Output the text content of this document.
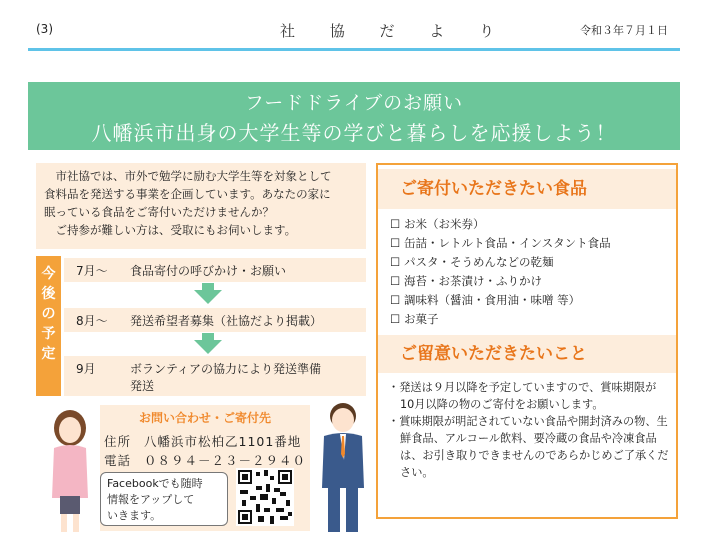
(3)	社 協 だ よ り	令和３年７月１日
フードドライブのお願い
八幡浜市出身の大学生等の学びと暮らしを応援しよう！

市社協では、市外で勉学に励む大学生等を対象として

食料品を発送する事業を企画しています。あなたの家に

眠っている食品をご寄付いただけませんか？

ご持参が難しい方は、受取にもお伺いします。

今後の予定
7月〜 食品寄付の呼びかけ・お願い
8月〜 発送希望者募集（社協だより掲載）
9月	ボランティアの協力により発送準備
発送
お問い合わせ・ご寄付先
住所 八幡浜市松柏乙1101番地
電話 ０８９４－２３－２９４０
Facebookでも随時
情報をアップして
いきます。
ご寄付いただきたい食品
☐ お米（お米券）
☐ 缶詰・レトルト食品・インスタント食品
☐ パスタ・そうめんなどの乾麺
☐ 海苔・お茶漬け・ふりかけ
☐ 調味料（醤油・食用油・味噌 等）
☐ お菓子
ご留意いただきたいこと
・発送は９月以降を予定していますので、賞味期限が10月以降の物のご寄付をお願いします。
・賞味期限が明記されていない食品や開封済みの物、生鮮食品、アルコール飲料、要冷蔵の食品や冷凍食品は、お引き取りできませんのであらかじめご了承ください。
